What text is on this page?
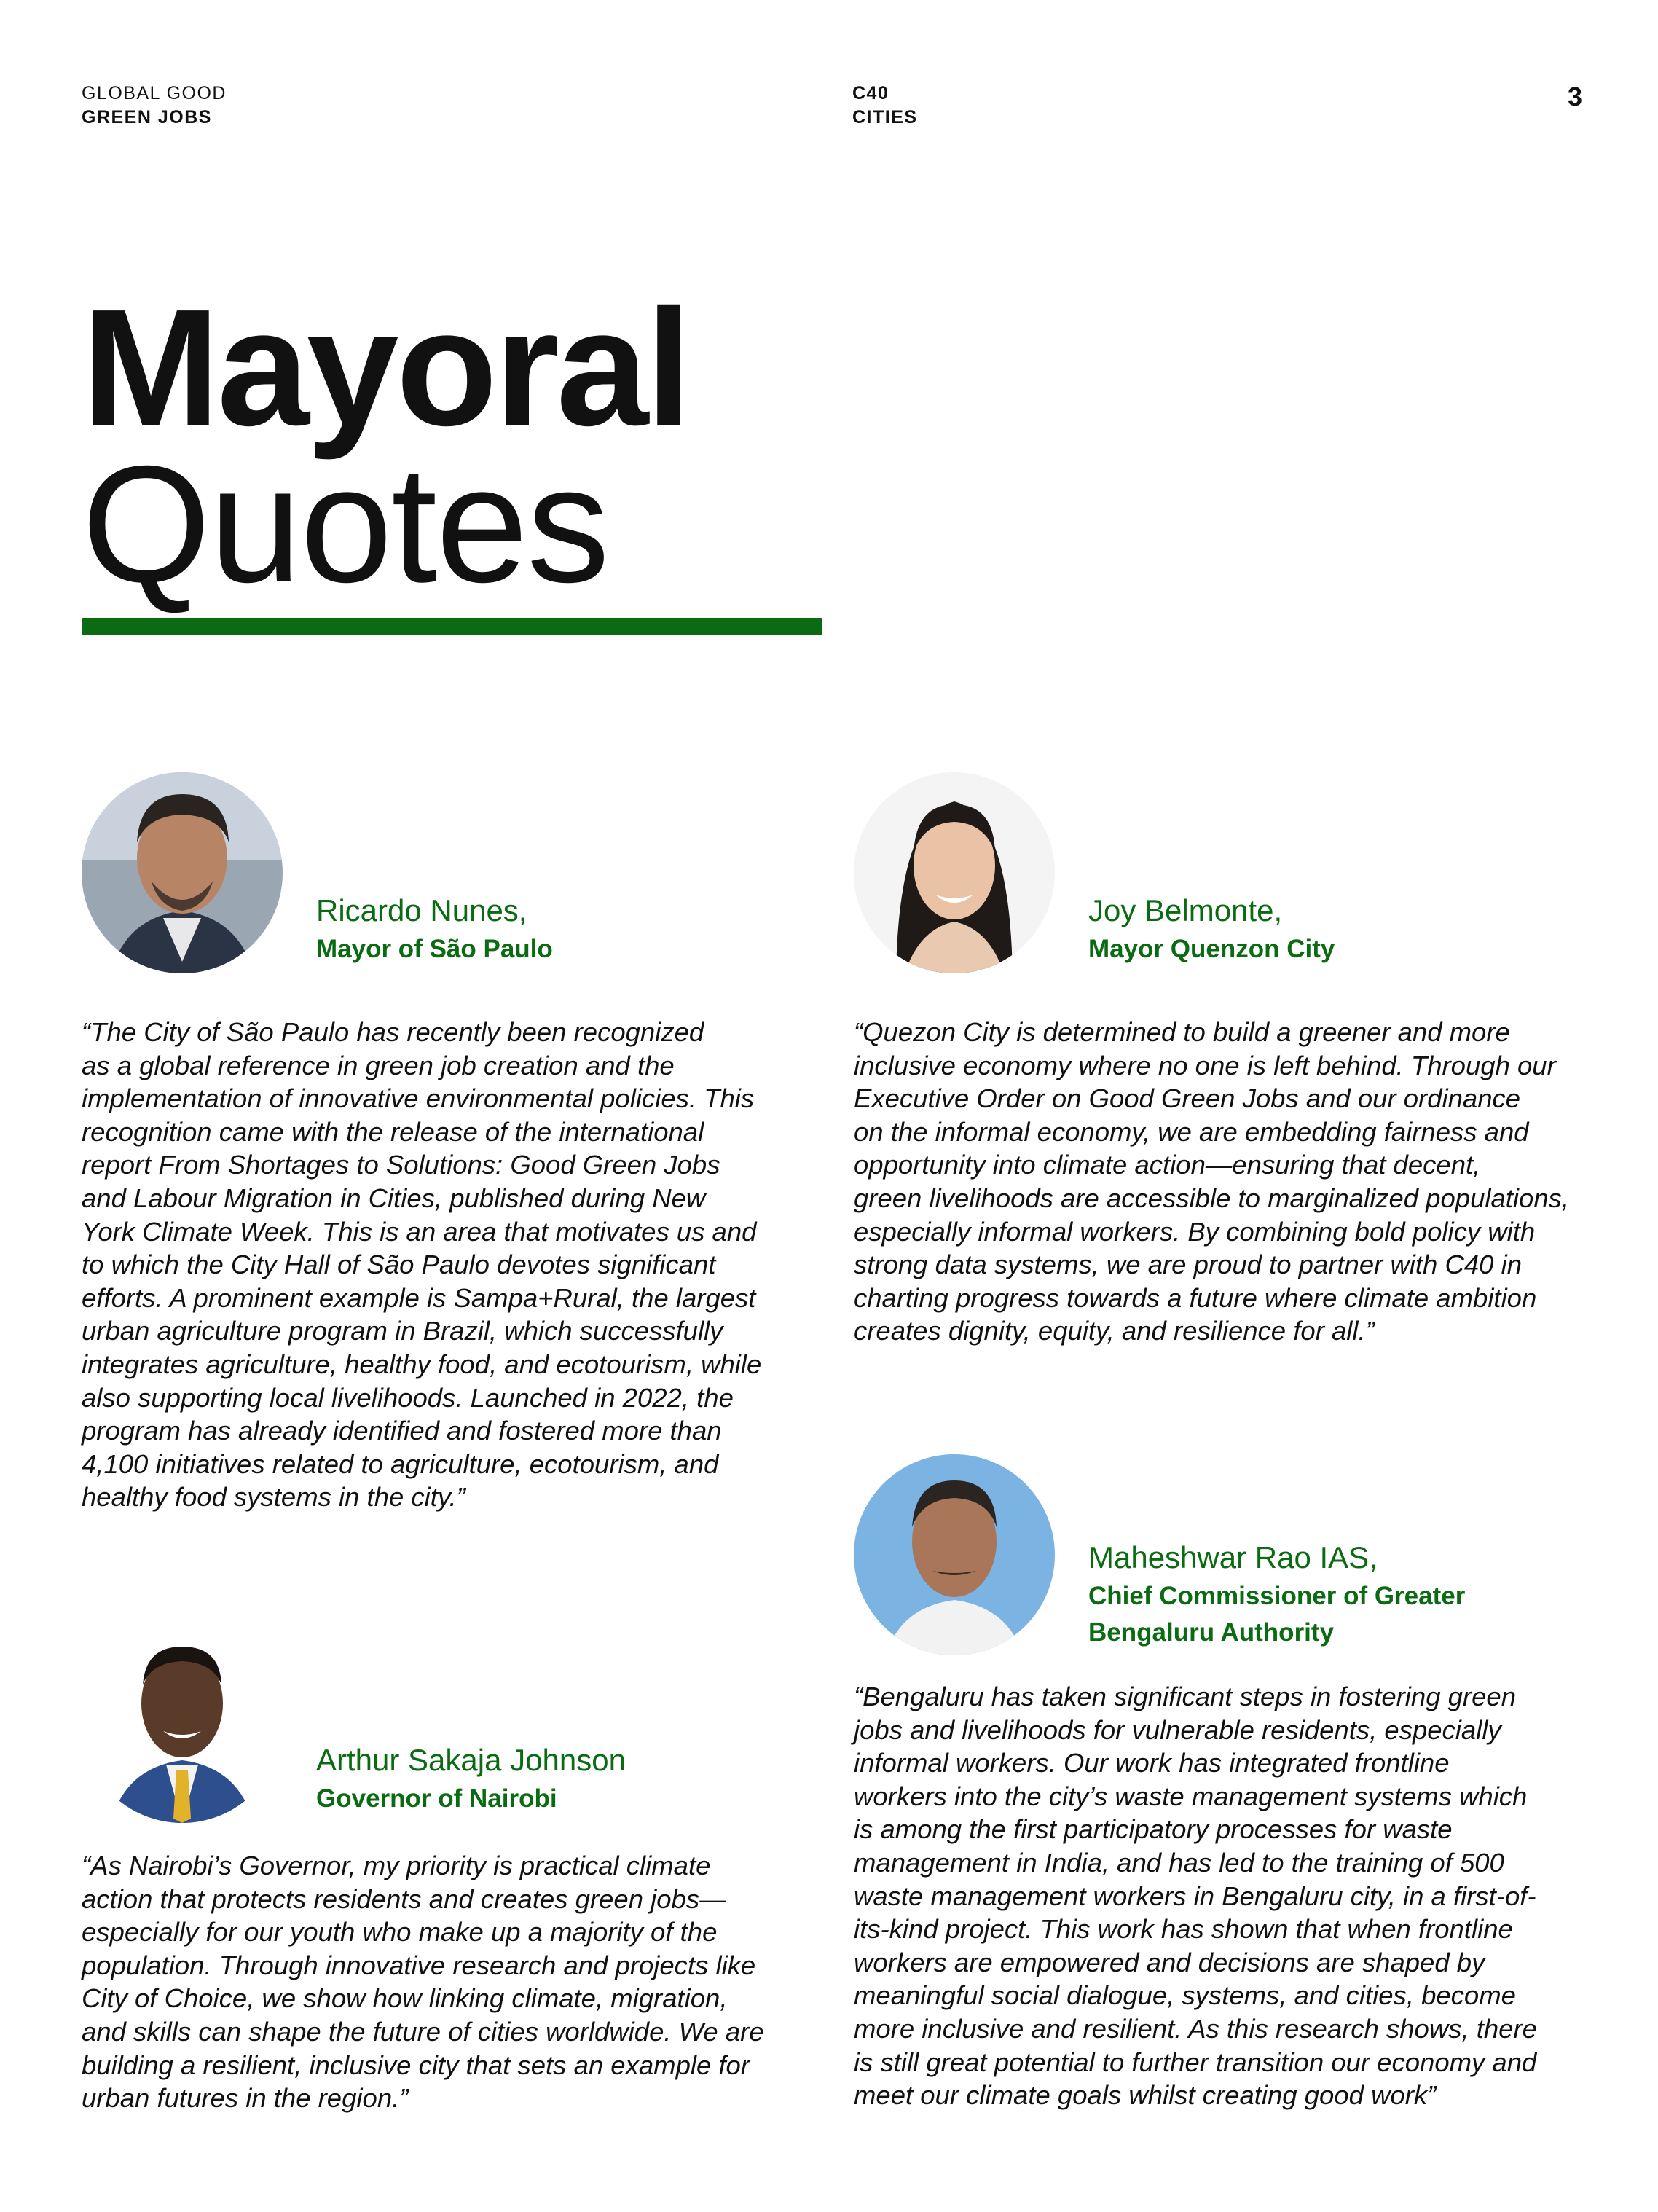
GLOBAL GOOD
GREEN JOBS
C40
CITIES
3
Mayoral
Quotes
Ricardo Nunes,
Mayor of São Paulo

“The City of São Paulo has recently been recognized

as a global reference in green job creation and the

implementation of innovative environmental policies. This

recognition came with the release of the international

report From Shortages to Solutions: Good Green Jobs

and Labour Migration in Cities, published during New

York Climate Week. This is an area that motivates us and

to which the City Hall of São Paulo devotes significant

efforts. A prominent example is Sampa+Rural, the largest

urban agriculture program in Brazil, which successfully

integrates agriculture, healthy food, and ecotourism, while

also supporting local livelihoods. Launched in 2022, the

program has already identified and fostered more than

4,100 initiatives related to agriculture, ecotourism, and

healthy food systems in the city.”

Joy Belmonte,
Mayor Quenzon City

“Quezon City is determined to build a greener and more

inclusive economy where no one is left behind. Through our

Executive Order on Good Green Jobs and our ordinance

on the informal economy, we are embedding fairness and

opportunity into climate action—ensuring that decent,

green livelihoods are accessible to marginalized populations,

especially informal workers. By combining bold policy with

strong data systems, we are proud to partner with C40 in

charting progress towards a future where climate ambition

creates dignity, equity, and resilience for all.”

Maheshwar Rao IAS,
Chief Commissioner of Greater Bengaluru Authority

“Bengaluru has taken significant steps in fostering green

jobs and livelihoods for vulnerable residents, especially

informal workers. Our work has integrated frontline

workers into the city’s waste management systems which

is among the first participatory processes for waste

management in India, and has led to the training of 500

waste management workers in Bengaluru city, in a first-of-

its-kind project. This work has shown that when frontline

workers are empowered and decisions are shaped by

meaningful social dialogue, systems, and cities, become

more inclusive and resilient. As this research shows, there

is still great potential to further transition our economy and

meet our climate goals whilst creating good work”

Arthur Sakaja Johnson
Governor of Nairobi

“As Nairobi’s Governor, my priority is practical climate

action that protects residents and creates green jobs—

especially for our youth who make up a majority of the

population. Through innovative research and projects like

City of Choice, we show how linking climate, migration,

and skills can shape the future of cities worldwide. We are

building a resilient, inclusive city that sets an example for

urban futures in the region.”
